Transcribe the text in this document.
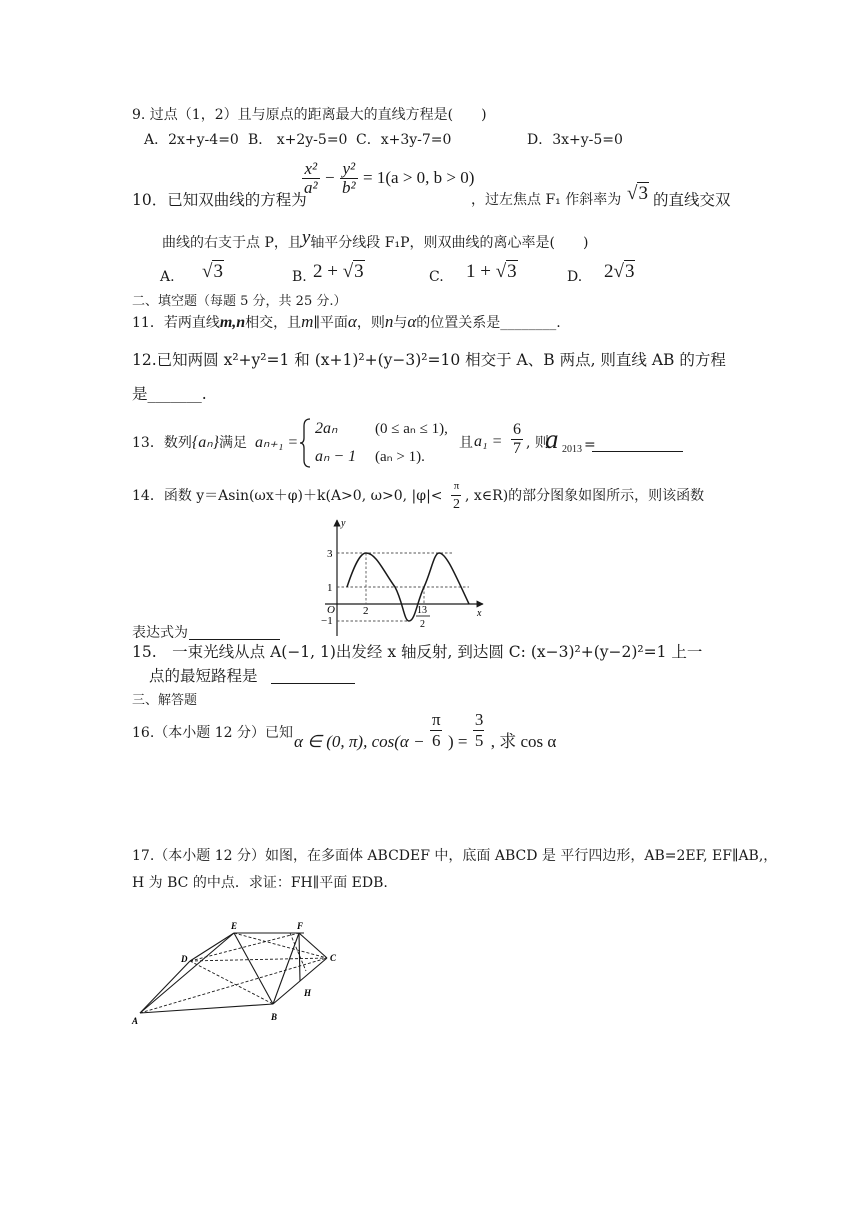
9. 过点（1，2）且与原点的距离最大的直线方程是(　　)
A．2x+y-4=0 B． x+2y-5=0 C．x+3y-7=0	D．3x+y-5=0
10．已知双曲线的方程为
$\frac{\text{x²}}{\text{a²}} - \frac{\text{y²}}{\text{b²}} = 1(a > 0$, b > 0)
，过左焦点 F₁ 作斜率为 √3 的直线交双
曲线的右支于点 P，且y轴平分线段 F₁P，则双曲线的离心率是(　　)
A. √3	B. 2 + √3	C. 1 + √3	D. 2√3
二、填空题（每题 5 分，共 25 分.）
11．若两直线m,n相交，且m∥平面α，则n与α的位置关系是________.
12.已知两圆 x²+y²=1 和 (x+1)²+(y−3)²=10 相交于 A、B 两点, 则直线 AB 的方程
是_______.
13．数列{aₙ}满足 aₙ₊₁ =
2aₙ	(0 ≤ aₙ ≤ 1),
aₙ − 1 (aₙ > 1).
且 $a_1 = \frac{6}{7}$ , 则
a 2013 =
14．函数 y＝Asin(ωx＋φ)＋k(A>0, ω>0, $|\varphi|< \frac{\pi}{2}$ , x∈R)的部分图象如图所示，则该函数
y
x
3
1
−1
O	2	13
2
表达式为
15.　一束光线从点 A(−1, 1)出发经 x 轴反射, 到达圆 C: (x−3)²+(y−2)²=1 上一
点的最短路程是
三、解答题
16.（本小题 12 分）已知 α ∈ (0, π), $\cos(\alpha - \frac{\pi}{6}$ ) = $\frac{3}{5}$ , 求 cos α
17.（本小题 12 分）如图，在多面体 ABCDEF 中，底面 ABCD 是 平行四边形，AB=2EF, EF∥AB,，
H 为 BC 的中点．求证：FH∥平面 EDB.
A	B
C
D
E	F
H
